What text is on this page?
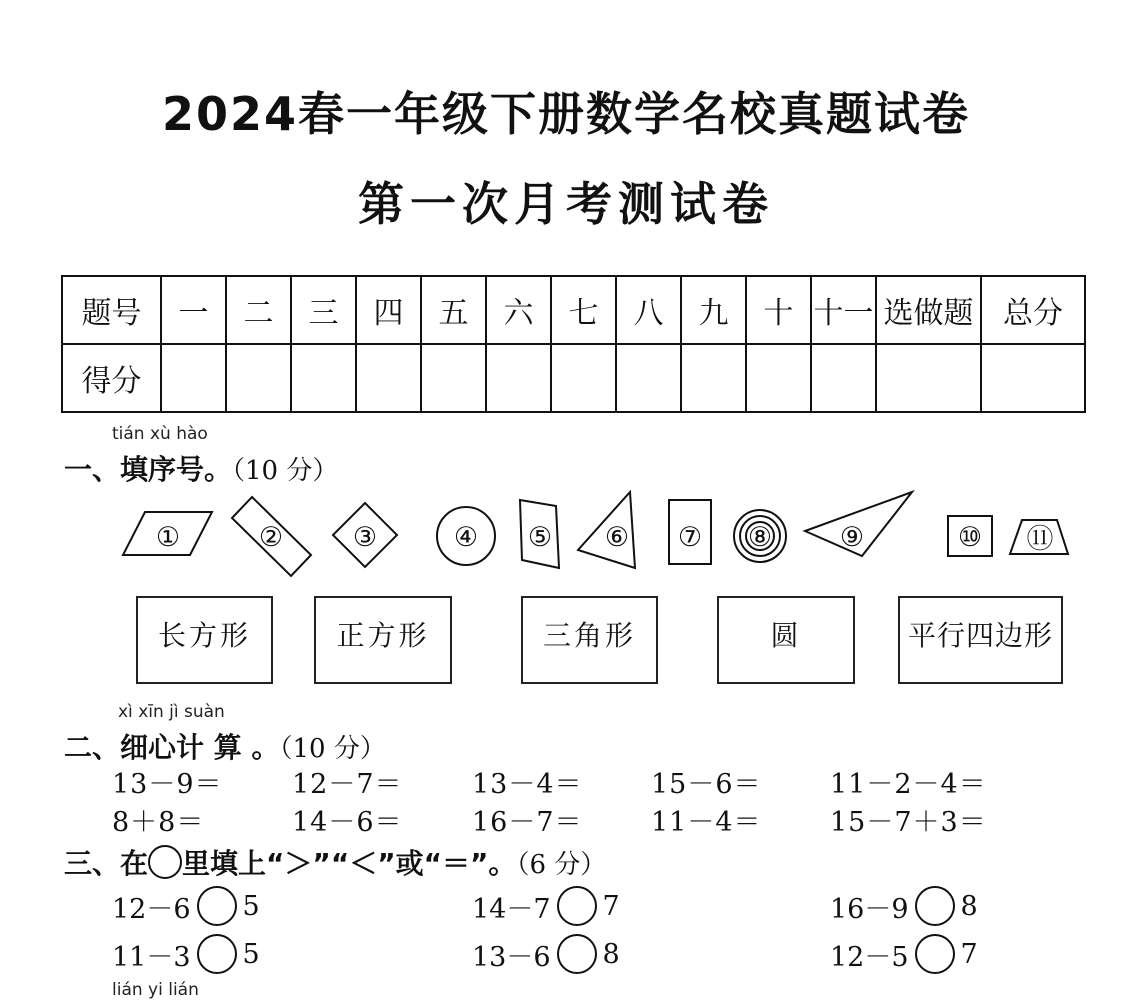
2024春一年级下册数学名校真题试卷
第一次月考测试卷
题号	一	二	三	四	五	六	七	八	九	十	十一	选做题	总分
得分													
tián xù hào
一、填序号。（10 分）
①	②	③	④ ⑤ ⑥ ⑦ ⑧	⑨	⑩ ⑪
长方形	正方形	三角形	圆	平行四边形
xì xīn jì suàn
二、细心计 算 。（10 分）
13－9＝	12－7＝	13－4＝	15－6＝	11－2－4＝
8＋8＝	14－6＝	16－7＝	11－4＝	15－7＋3＝
三、在 里填上“＞”“＜”或“＝”。（6 分）
12－6 5	14－7 7	16－9 8
11－3 5	13－6 8	12－5 7
lián yi lián
